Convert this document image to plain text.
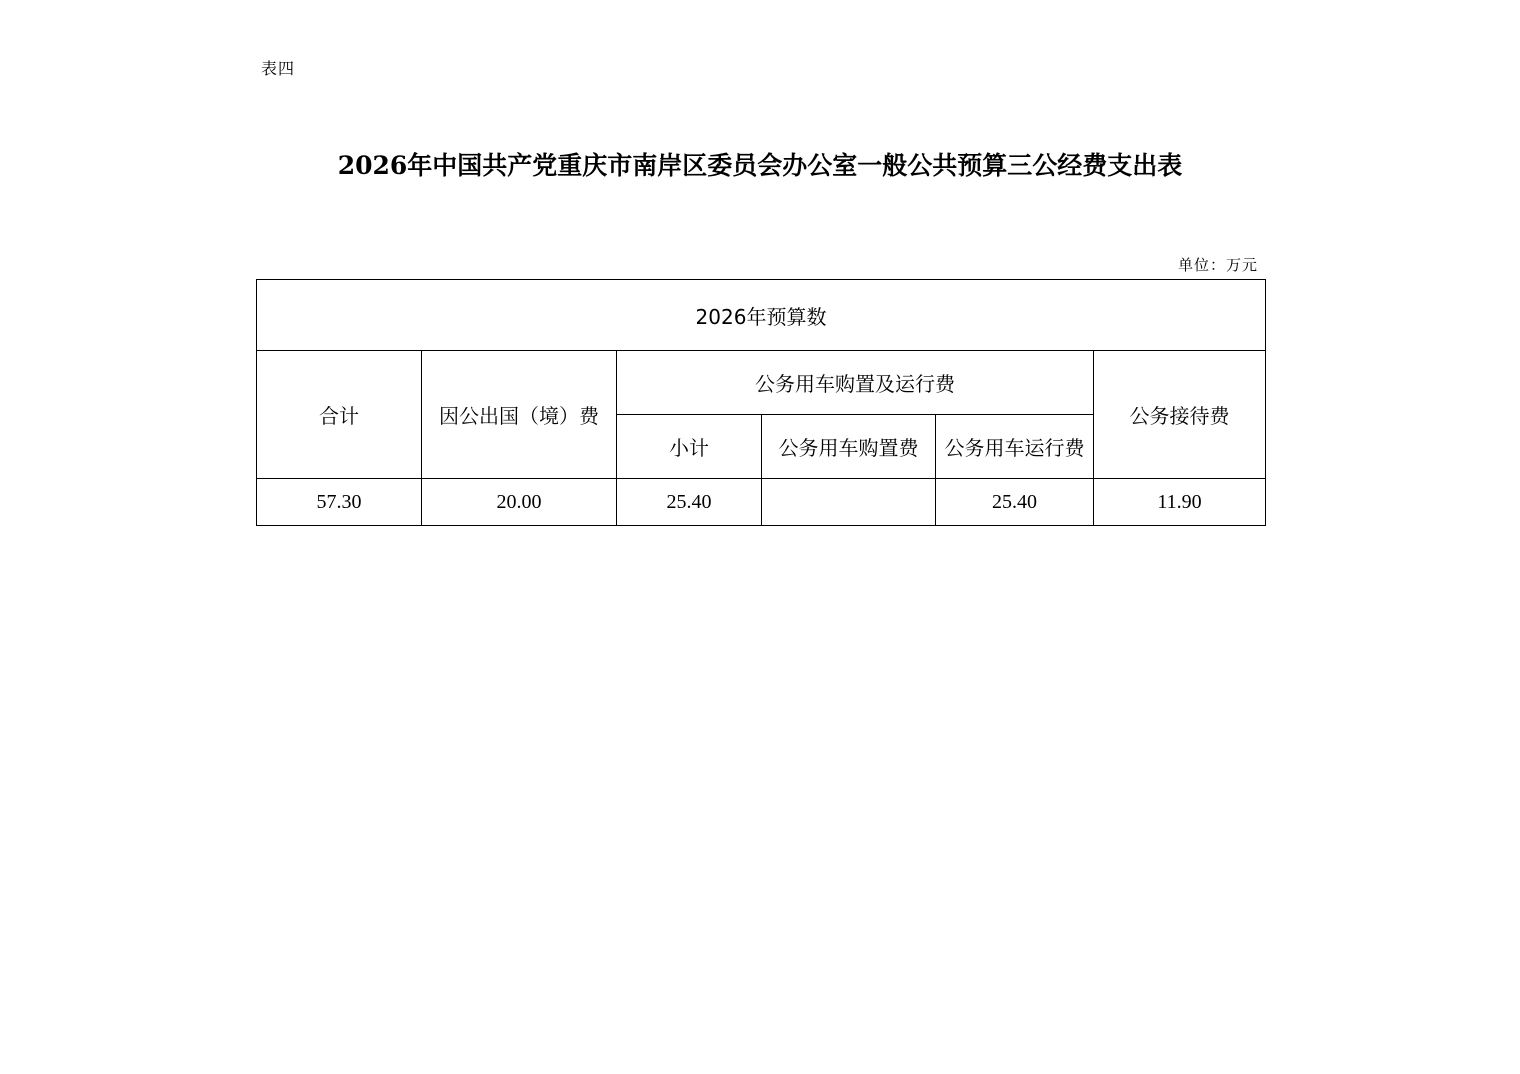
表四
2026年中国共产党重庆市南岸区委员会办公室一般公共预算三公经费支出表
单位：万元
2026年预算数					
合计	因公出国（境）费	公务用车购置及运行费			公务接待费
		小计	公务用车购置费	公务用车运行费	
57.30	20.00	25.40		25.40	11.90
